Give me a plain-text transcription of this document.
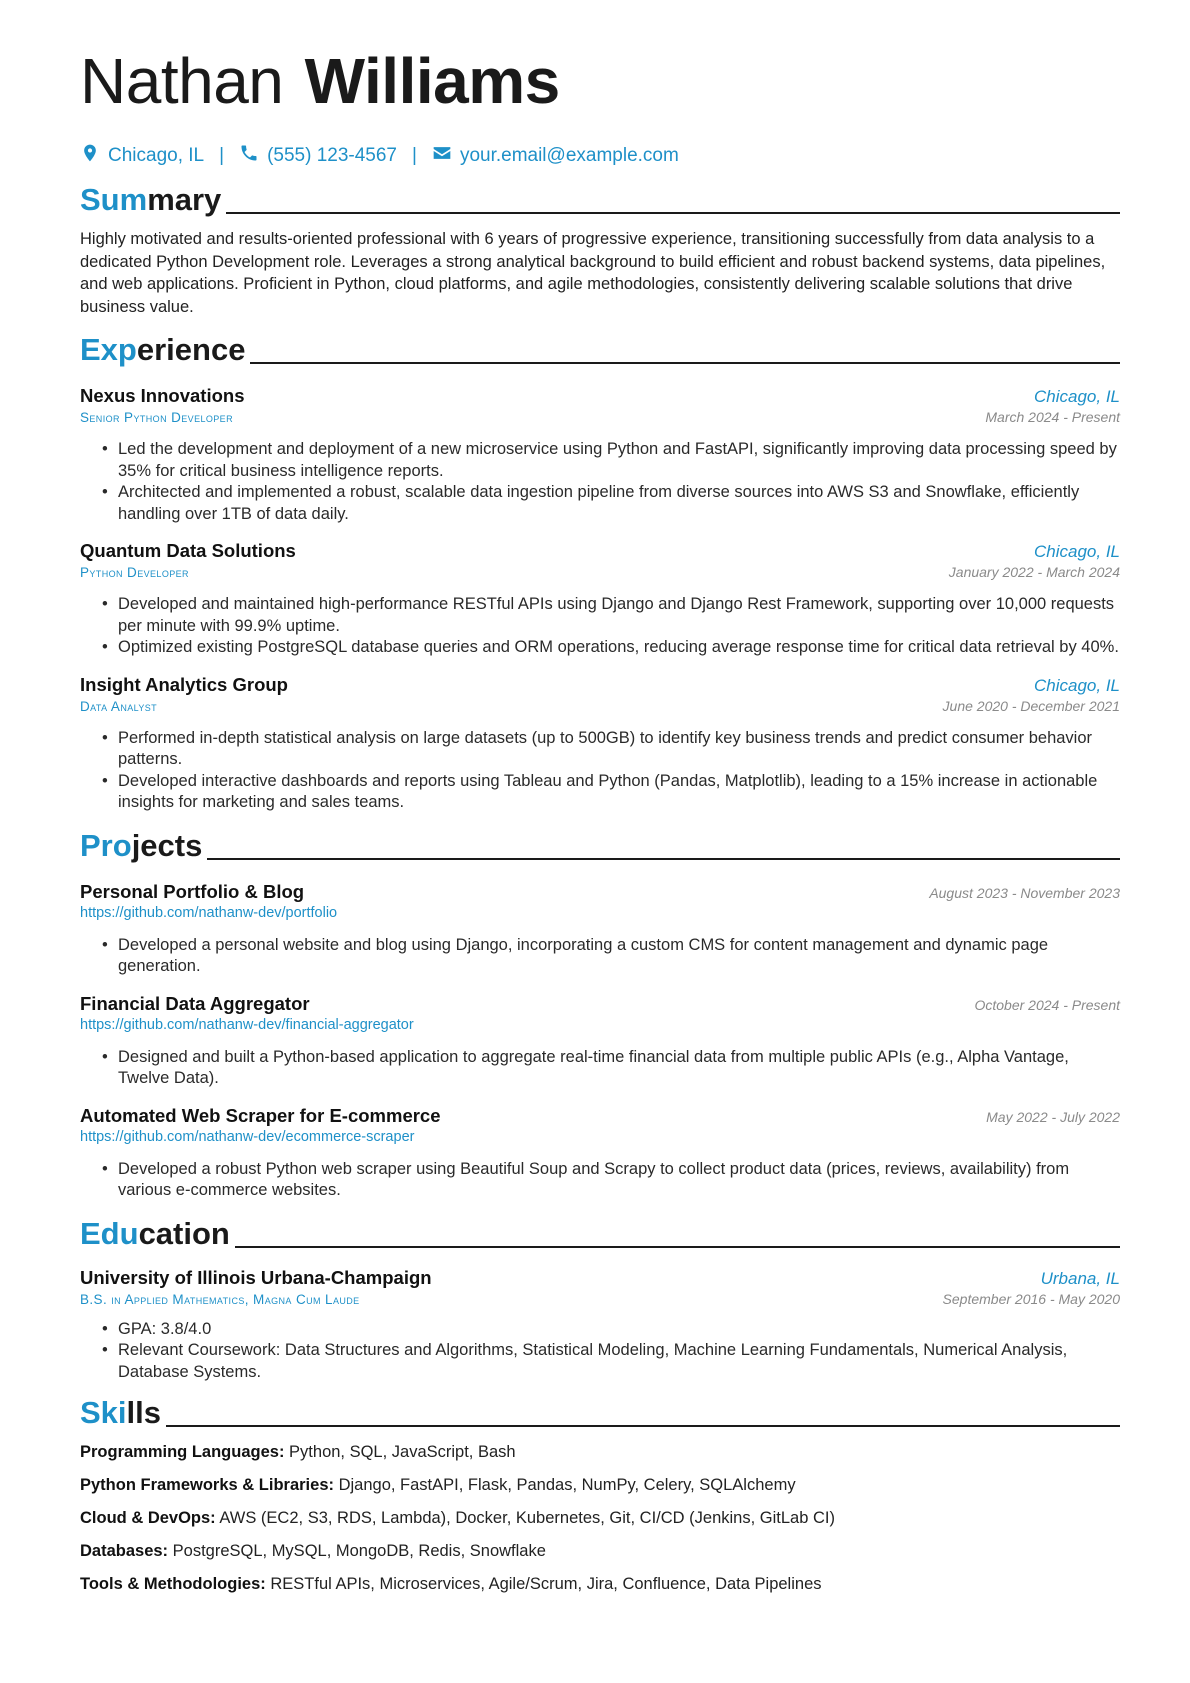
Nathan Williams
Chicago, IL | (555) 123-4567 | your.email@example.com
Summary
Highly motivated and results-oriented professional with 6 years of progressive experience, transitioning successfully from data analysis to a dedicated Python Development role. Leverages a strong analytical background to build efficient and robust backend systems, data pipelines, and web applications. Proficient in Python, cloud platforms, and agile methodologies, consistently delivering scalable solutions that drive business value.
Experience
Nexus Innovations	Chicago, IL
Senior Python Developer	March 2024 - Present
• Led the development and deployment of a new microservice using Python and FastAPI, significantly improving data processing speed by 35% for critical business intelligence reports.
• Architected and implemented a robust, scalable data ingestion pipeline from diverse sources into AWS S3 and Snowflake, efficiently handling over 1TB of data daily.
Quantum Data Solutions	Chicago, IL
Python Developer	January 2022 - March 2024
• Developed and maintained high-performance RESTful APIs using Django and Django Rest Framework, supporting over 10,000 requests per minute with 99.9% uptime.
• Optimized existing PostgreSQL database queries and ORM operations, reducing average response time for critical data retrieval by 40%.
Insight Analytics Group	Chicago, IL
Data Analyst	June 2020 - December 2021
• Performed in-depth statistical analysis on large datasets (up to 500GB) to identify key business trends and predict consumer behavior patterns.
• Developed interactive dashboards and reports using Tableau and Python (Pandas, Matplotlib), leading to a 15% increase in actionable insights for marketing and sales teams.
Projects
Personal Portfolio & Blog	August 2023 - November 2023
https://github.com/nathanw-dev/portfolio
• Developed a personal website and blog using Django, incorporating a custom CMS for content management and dynamic page generation.
Financial Data Aggregator	October 2024 - Present
https://github.com/nathanw-dev/financial-aggregator
• Designed and built a Python-based application to aggregate real-time financial data from multiple public APIs (e.g., Alpha Vantage, Twelve Data).
Automated Web Scraper for E-commerce	May 2022 - July 2022
https://github.com/nathanw-dev/ecommerce-scraper
• Developed a robust Python web scraper using Beautiful Soup and Scrapy to collect product data (prices, reviews, availability) from various e-commerce websites.
Education
University of Illinois Urbana-Champaign	Urbana, IL
B.S. in Applied Mathematics, Magna Cum Laude	September 2016 - May 2020
• GPA: 3.8/4.0
• Relevant Coursework: Data Structures and Algorithms, Statistical Modeling, Machine Learning Fundamentals, Numerical Analysis, Database Systems.
Skills
Programming Languages: Python, SQL, JavaScript, Bash
Python Frameworks & Libraries: Django, FastAPI, Flask, Pandas, NumPy, Celery, SQLAlchemy
Cloud & DevOps: AWS (EC2, S3, RDS, Lambda), Docker, Kubernetes, Git, CI/CD (Jenkins, GitLab CI)
Databases: PostgreSQL, MySQL, MongoDB, Redis, Snowflake
Tools & Methodologies: RESTful APIs, Microservices, Agile/Scrum, Jira, Confluence, Data Pipelines
